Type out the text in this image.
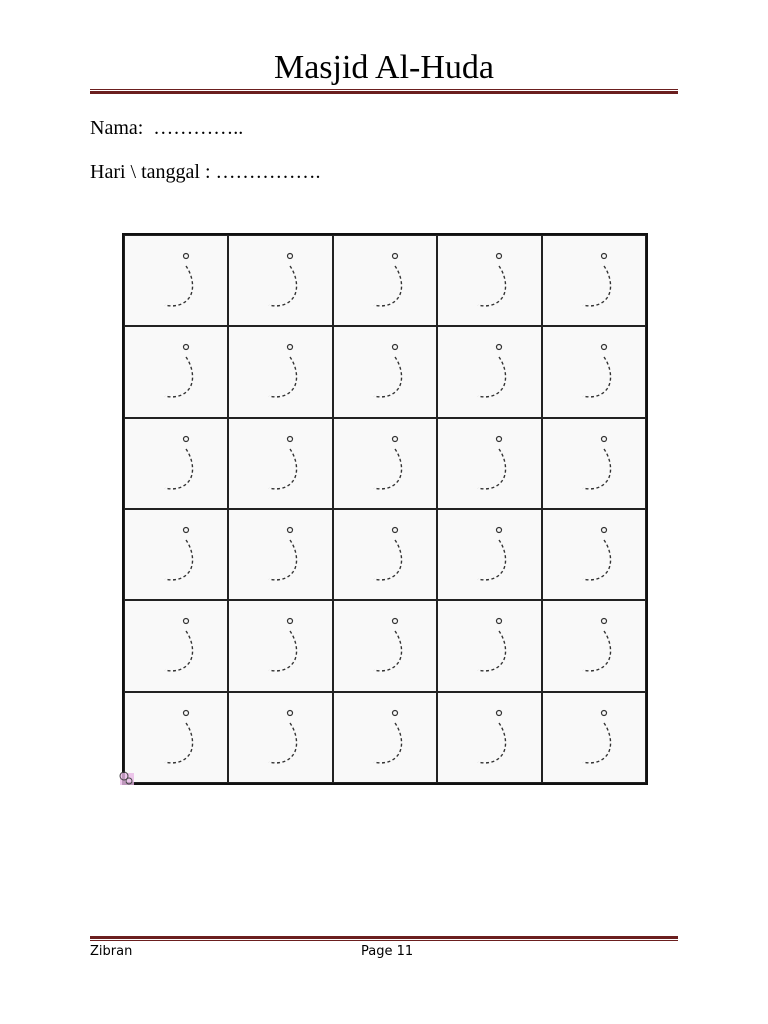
Masjid Al-Huda
Nama:  …………..
Hari \ tanggal : …………….
Zibran	Page 11
